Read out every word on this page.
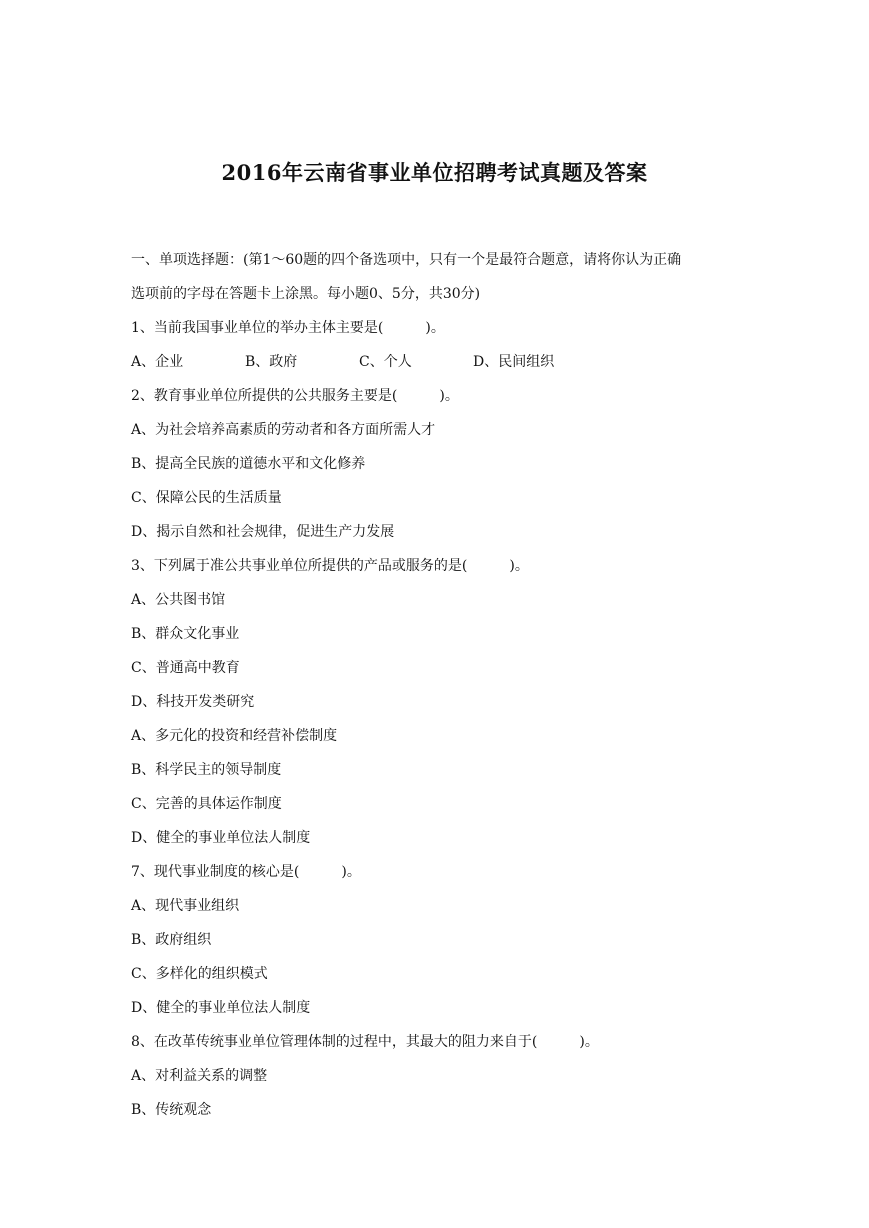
2016年云南省事业单位招聘考试真题及答案

一、单项选择题：(第1～60题的四个备选项中，只有一个是最符合题意，请将你认为正确

选项前的字母在答题卡上涂黑。每小题0、5分，共30分)

1、当前我国事业单位的举办主体主要是(　　　)。

A、企业	B、政府	C、个人	D、民间组织

2、教育事业单位所提供的公共服务主要是(　　　)。

A、为社会培养高素质的劳动者和各方面所需人才

B、提高全民族的道德水平和文化修养

C、保障公民的生活质量

D、揭示自然和社会规律，促进生产力发展

3、下列属于准公共事业单位所提供的产品或服务的是(　　　)。

A、公共图书馆

B、群众文化事业

C、普通高中教育

D、科技开发类研究

A、多元化的投资和经营补偿制度

B、科学民主的领导制度

C、完善的具体运作制度

D、健全的事业单位法人制度

7、现代事业制度的核心是(　　　)。

A、现代事业组织

B、政府组织

C、多样化的组织模式

D、健全的事业单位法人制度

8、在改革传统事业单位管理体制的过程中，其最大的阻力来自于(　　　)。

A、对利益关系的调整

B、传统观念
